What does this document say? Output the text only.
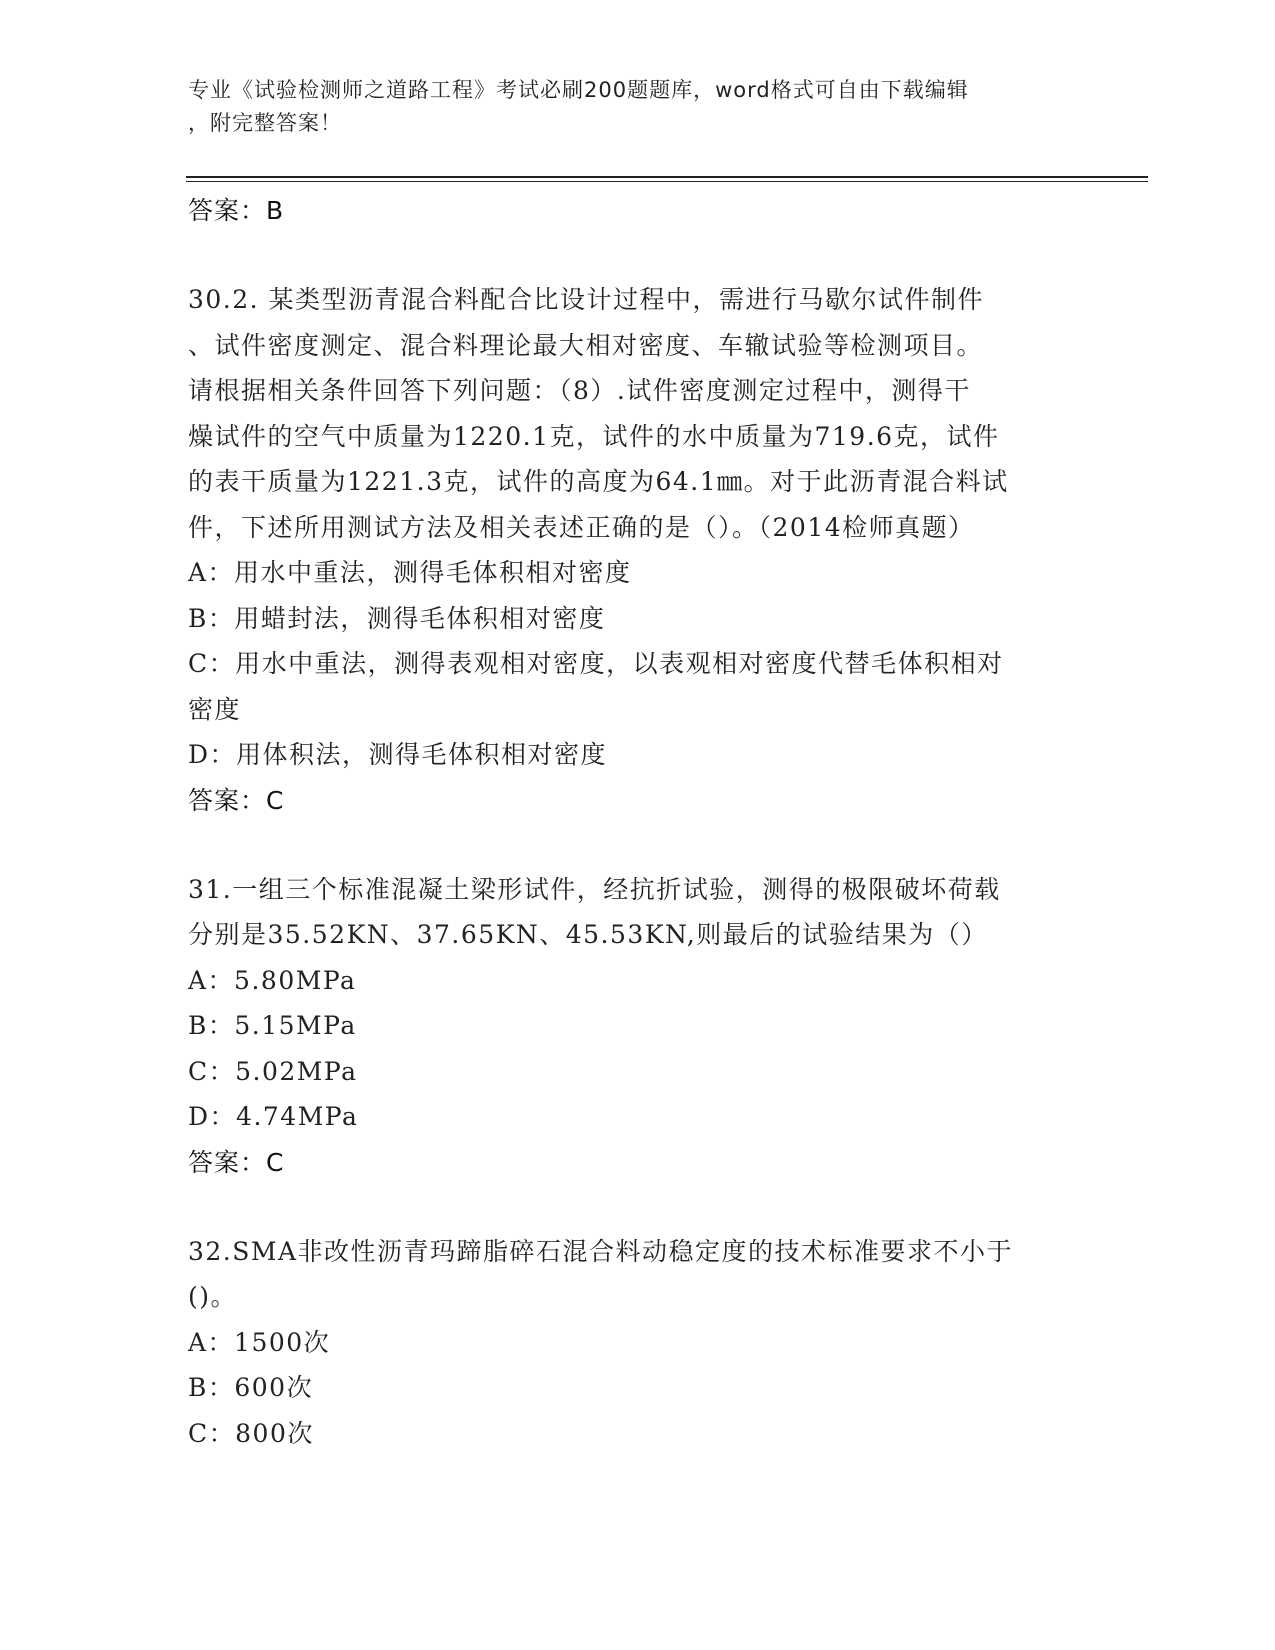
专业《试验检测师之道路工程》考试必刷200题题库，word格式可自由下载编辑
，附完整答案！
答案：B
30.2. 某类型沥青混合料配合比设计过程中，需进行马歇尔试件制件
、试件密度测定、混合料理论最大相对密度、车辙试验等检测项目。
请根据相关条件回答下列问题：（8）.试件密度测定过程中，测得干
燥试件的空气中质量为1220.1克，试件的水中质量为719.6克，试件
的表干质量为1221.3克，试件的高度为64.1㎜。对于此沥青混合料试
件，下述所用测试方法及相关表述正确的是（）。（2014检师真题）
A：用水中重法，测得毛体积相对密度
B：用蜡封法，测得毛体积相对密度
C：用水中重法，测得表观相对密度，以表观相对密度代替毛体积相对
密度
D：用体积法，测得毛体积相对密度
答案：C
31.一组三个标准混凝土梁形试件，经抗折试验，测得的极限破坏荷载
分别是35.52KN、37.65KN、45.53KN,则最后的试验结果为（）
A：5.80MPa
B：5.15MPa
C：5.02MPa
D：4.74MPa
答案：C
32.SMA非改性沥青玛蹄脂碎石混合料动稳定度的技术标准要求不小于
()。
A：1500次
B：600次
C：800次
